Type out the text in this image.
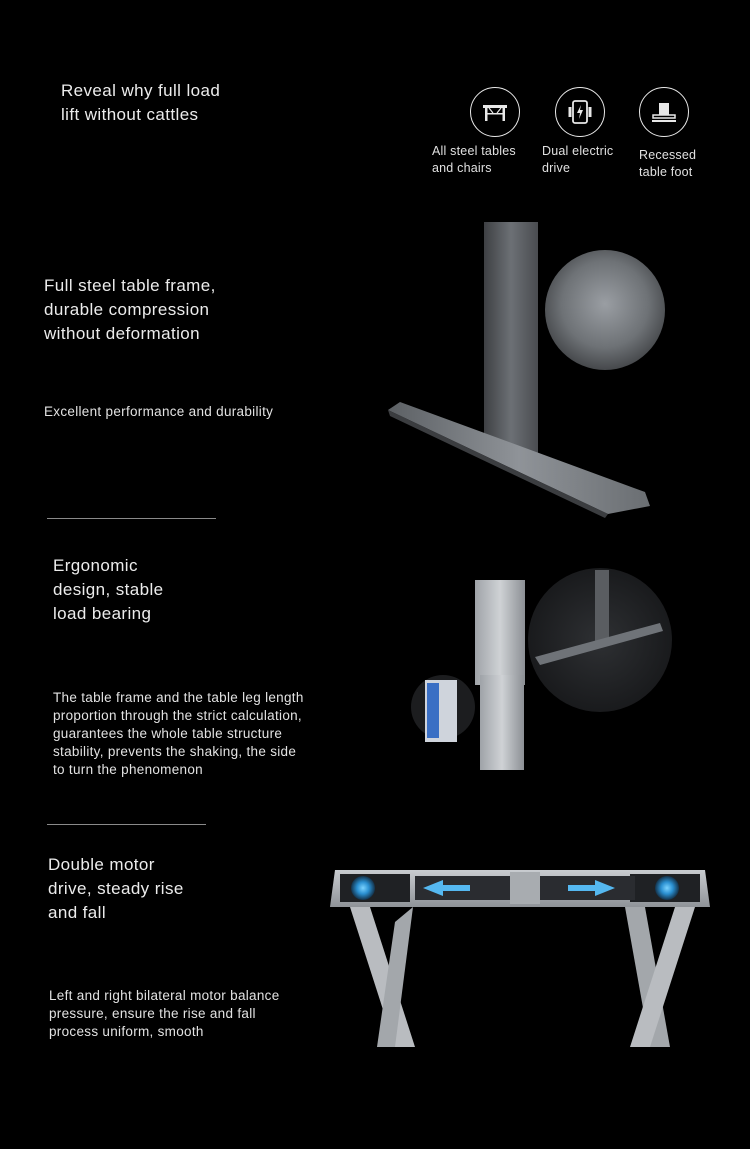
Reveal why full load
lift without cattles
All steel tables
and chairs
Dual electric
drive
Recessed
table foot
Full steel table frame,
durable compression
without deformation
Excellent performance and durability
Ergonomic
design, stable
load bearing
The table frame and the table leg length
proportion through the strict calculation,
guarantees the whole table structure
stability, prevents the shaking, the side
to turn the phenomenon
Double motor
drive, steady rise
and fall
Left and right bilateral motor balance
pressure, ensure the rise and fall
process uniform, smooth
